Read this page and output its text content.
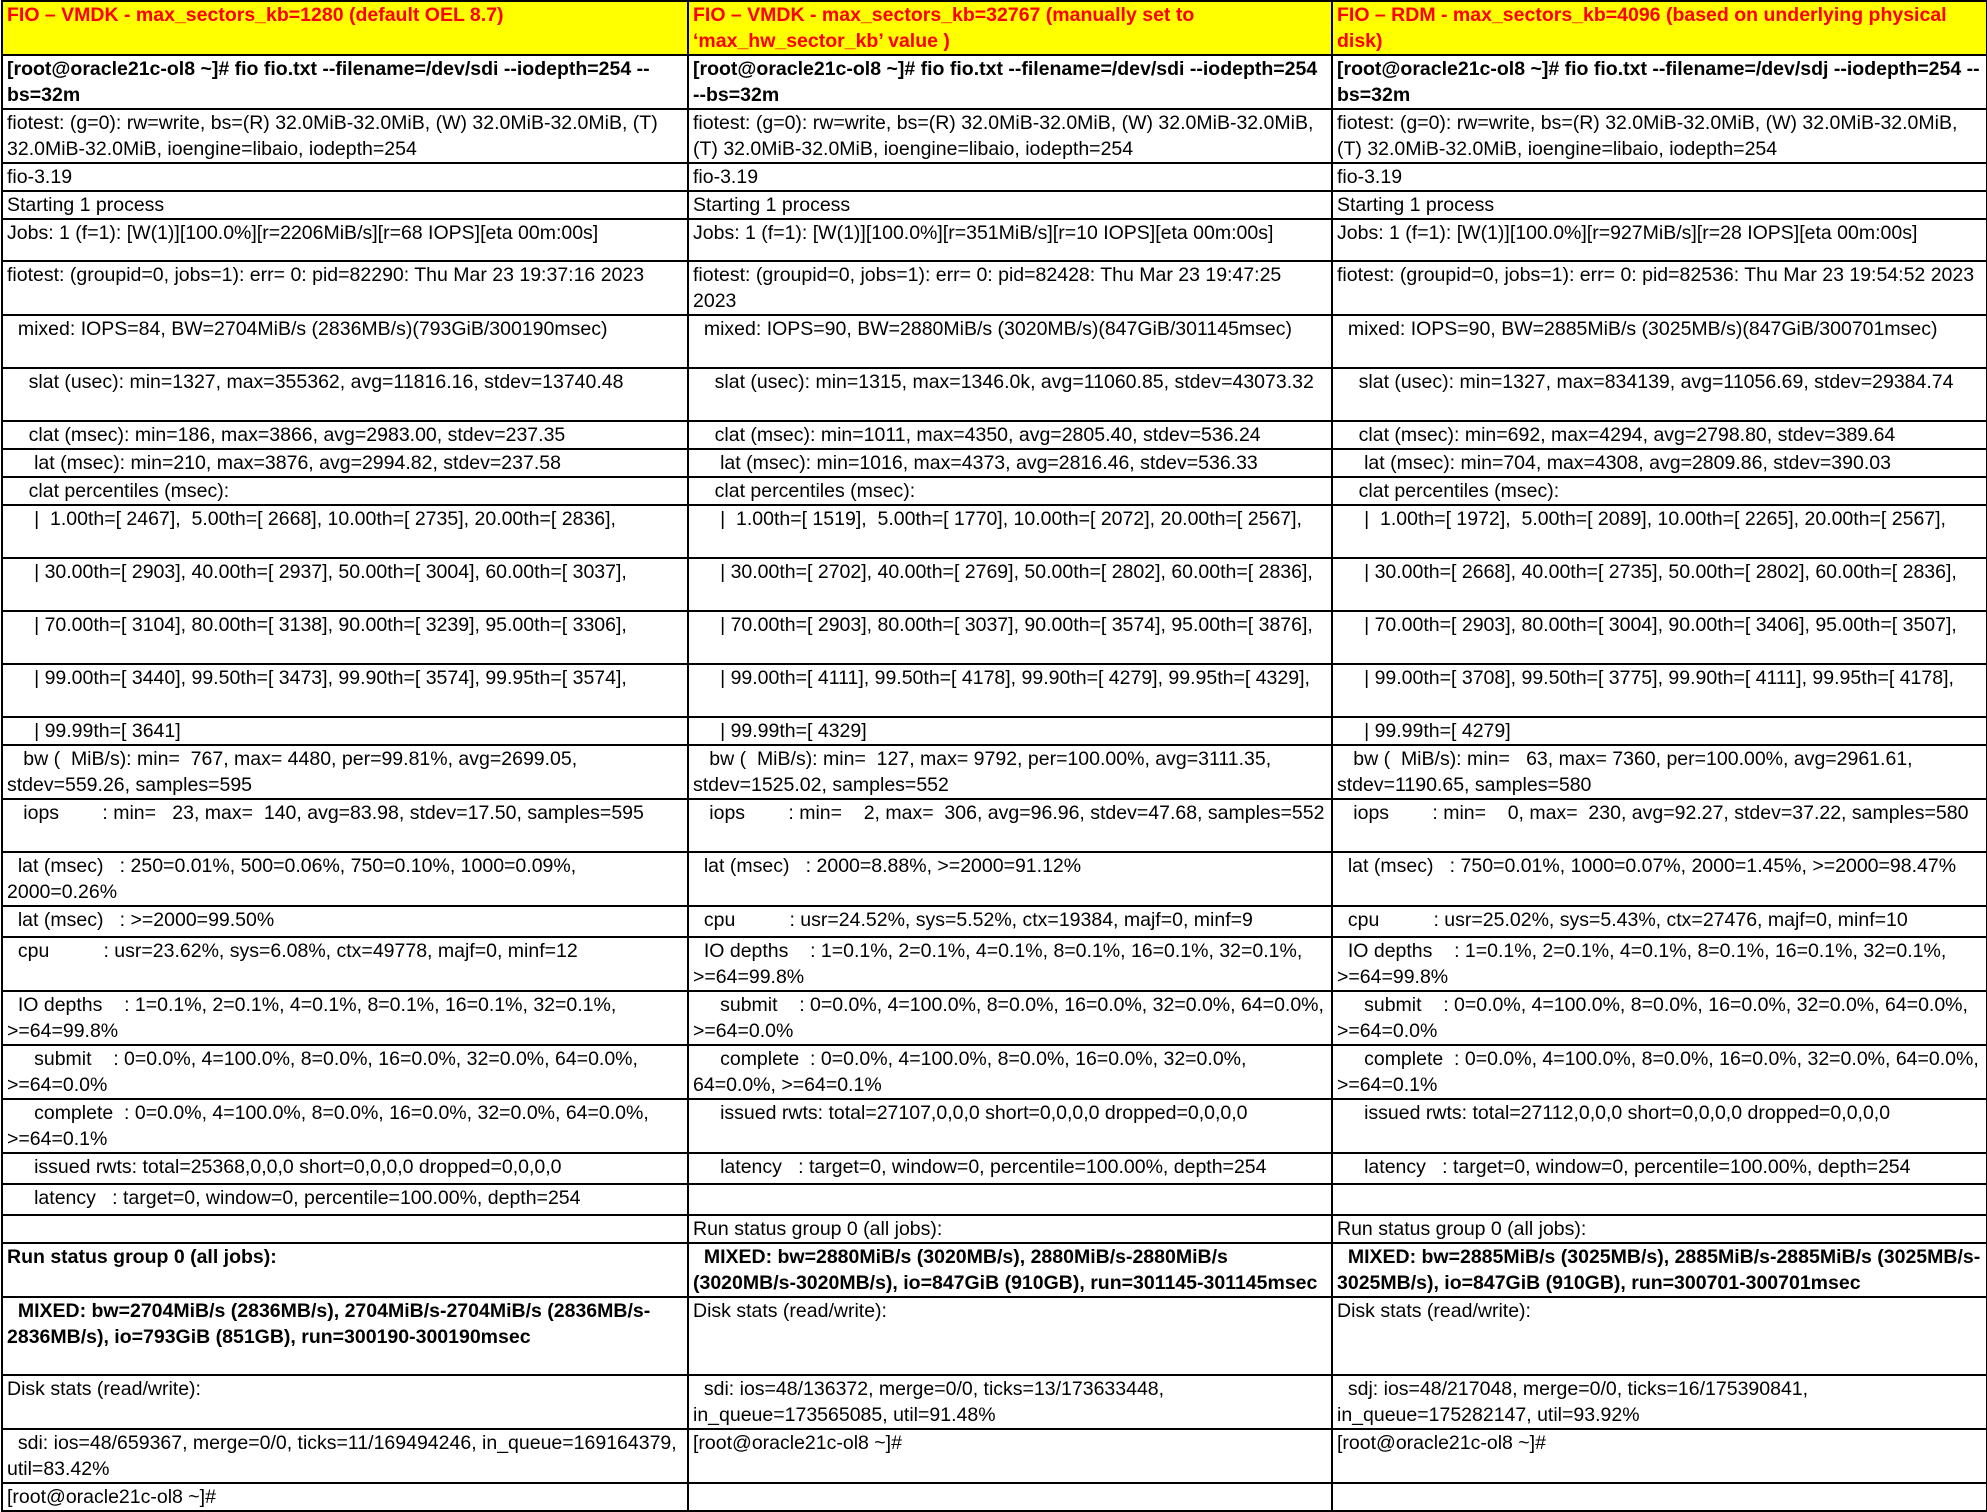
FIO – VMDK - max_sectors_kb=1280 (default OEL 8.7)	FIO – VMDK - max_sectors_kb=32767 (manually set to ‘max_hw_sector_kb’ value )	FIO – RDM - max_sectors_kb=4096 (based on underlying physical disk)
[root@oracle21c-ol8 ~]# fio fio.txt --filename=/dev/sdi --iodepth=254 --bs=32m	[root@oracle21c-ol8 ~]# fio fio.txt --filename=/dev/sdi --iodepth=254 --bs=32m	[root@oracle21c-ol8 ~]# fio fio.txt --filename=/dev/sdj --iodepth=254 --bs=32m
fiotest: (g=0): rw=write, bs=(R) 32.0MiB-32.0MiB, (W) 32.0MiB-32.0MiB, (T) 32.0MiB-32.0MiB, ioengine=libaio, iodepth=254	fiotest: (g=0): rw=write, bs=(R) 32.0MiB-32.0MiB, (W) 32.0MiB-32.0MiB, (T) 32.0MiB-32.0MiB, ioengine=libaio, iodepth=254	fiotest: (g=0): rw=write, bs=(R) 32.0MiB-32.0MiB, (W) 32.0MiB-32.0MiB, (T) 32.0MiB-32.0MiB, ioengine=libaio, iodepth=254
fio-3.19	fio-3.19	fio-3.19
Starting 1 process	Starting 1 process	Starting 1 process
Jobs: 1 (f=1): [W(1)][100.0%][r=2206MiB/s][r=68 IOPS][eta 00m:00s]	Jobs: 1 (f=1): [W(1)][100.0%][r=351MiB/s][r=10 IOPS][eta 00m:00s]	Jobs: 1 (f=1): [W(1)][100.0%][r=927MiB/s][r=28 IOPS][eta 00m:00s]
fiotest: (groupid=0, jobs=1): err= 0: pid=82290: Thu Mar 23 19:37:16 2023	fiotest: (groupid=0, jobs=1): err= 0: pid=82428: Thu Mar 23 19:47:25 2023	fiotest: (groupid=0, jobs=1): err= 0: pid=82536: Thu Mar 23 19:54:52 2023
mixed: IOPS=84, BW=2704MiB/s (2836MB/s)(793GiB/300190msec)	mixed: IOPS=90, BW=2880MiB/s (3020MB/s)(847GiB/301145msec)	mixed: IOPS=90, BW=2885MiB/s (3025MB/s)(847GiB/300701msec)
slat (usec): min=1327, max=355362, avg=11816.16, stdev=13740.48	slat (usec): min=1315, max=1346.0k, avg=11060.85, stdev=43073.32	slat (usec): min=1327, max=834139, avg=11056.69, stdev=29384.74
clat (msec): min=186, max=3866, avg=2983.00, stdev=237.35	clat (msec): min=1011, max=4350, avg=2805.40, stdev=536.24	clat (msec): min=692, max=4294, avg=2798.80, stdev=389.64
lat (msec): min=210, max=3876, avg=2994.82, stdev=237.58	lat (msec): min=1016, max=4373, avg=2816.46, stdev=536.33	lat (msec): min=704, max=4308, avg=2809.86, stdev=390.03
clat percentiles (msec):	clat percentiles (msec):	clat percentiles (msec):
|  1.00th=[ 2467],  5.00th=[ 2668], 10.00th=[ 2735], 20.00th=[ 2836],	|  1.00th=[ 1519],  5.00th=[ 1770], 10.00th=[ 2072], 20.00th=[ 2567],	|  1.00th=[ 1972],  5.00th=[ 2089], 10.00th=[ 2265], 20.00th=[ 2567],
| 30.00th=[ 2903], 40.00th=[ 2937], 50.00th=[ 3004], 60.00th=[ 3037],	| 30.00th=[ 2702], 40.00th=[ 2769], 50.00th=[ 2802], 60.00th=[ 2836],	| 30.00th=[ 2668], 40.00th=[ 2735], 50.00th=[ 2802], 60.00th=[ 2836],
| 70.00th=[ 3104], 80.00th=[ 3138], 90.00th=[ 3239], 95.00th=[ 3306],	| 70.00th=[ 2903], 80.00th=[ 3037], 90.00th=[ 3574], 95.00th=[ 3876],	| 70.00th=[ 2903], 80.00th=[ 3004], 90.00th=[ 3406], 95.00th=[ 3507],
| 99.00th=[ 3440], 99.50th=[ 3473], 99.90th=[ 3574], 99.95th=[ 3574],	| 99.00th=[ 4111], 99.50th=[ 4178], 99.90th=[ 4279], 99.95th=[ 4329],	| 99.00th=[ 3708], 99.50th=[ 3775], 99.90th=[ 4111], 99.95th=[ 4178],
| 99.99th=[ 3641]	| 99.99th=[ 4329]	| 99.99th=[ 4279]
bw (  MiB/s): min=  767, max= 4480, per=99.81%, avg=2699.05, stdev=559.26, samples=595	bw (  MiB/s): min=  127, max= 9792, per=100.00%, avg=3111.35, stdev=1525.02, samples=552	bw (  MiB/s): min=   63, max= 7360, per=100.00%, avg=2961.61, stdev=1190.65, samples=580
iops        : min=   23, max=  140, avg=83.98, stdev=17.50, samples=595	iops        : min=    2, max=  306, avg=96.96, stdev=47.68, samples=552	iops        : min=    0, max=  230, avg=92.27, stdev=37.22, samples=580
lat (msec)   : 250=0.01%, 500=0.06%, 750=0.10%, 1000=0.09%, 2000=0.26%	lat (msec)   : 2000=8.88%, >=2000=91.12%	lat (msec)   : 750=0.01%, 1000=0.07%, 2000=1.45%, >=2000=98.47%
lat (msec)   : >=2000=99.50%	cpu          : usr=24.52%, sys=5.52%, ctx=19384, majf=0, minf=9	cpu          : usr=25.02%, sys=5.43%, ctx=27476, majf=0, minf=10
cpu          : usr=23.62%, sys=6.08%, ctx=49778, majf=0, minf=12	IO depths    : 1=0.1%, 2=0.1%, 4=0.1%, 8=0.1%, 16=0.1%, 32=0.1%, >=64=99.8%	IO depths    : 1=0.1%, 2=0.1%, 4=0.1%, 8=0.1%, 16=0.1%, 32=0.1%, >=64=99.8%
IO depths    : 1=0.1%, 2=0.1%, 4=0.1%, 8=0.1%, 16=0.1%, 32=0.1%, >=64=99.8%	submit    : 0=0.0%, 4=100.0%, 8=0.0%, 16=0.0%, 32=0.0%, 64=0.0%, >=64=0.0%	submit    : 0=0.0%, 4=100.0%, 8=0.0%, 16=0.0%, 32=0.0%, 64=0.0%, >=64=0.0%
submit    : 0=0.0%, 4=100.0%, 8=0.0%, 16=0.0%, 32=0.0%, 64=0.0%, >=64=0.0%	complete  : 0=0.0%, 4=100.0%, 8=0.0%, 16=0.0%, 32=0.0%, 64=0.0%, >=64=0.1%	complete  : 0=0.0%, 4=100.0%, 8=0.0%, 16=0.0%, 32=0.0%, 64=0.0%, >=64=0.1%
complete  : 0=0.0%, 4=100.0%, 8=0.0%, 16=0.0%, 32=0.0%, 64=0.0%, >=64=0.1%	issued rwts: total=27107,0,0,0 short=0,0,0,0 dropped=0,0,0,0	issued rwts: total=27112,0,0,0 short=0,0,0,0 dropped=0,0,0,0
issued rwts: total=25368,0,0,0 short=0,0,0,0 dropped=0,0,0,0	latency   : target=0, window=0, percentile=100.00%, depth=254	latency   : target=0, window=0, percentile=100.00%, depth=254
latency   : target=0, window=0, percentile=100.00%, depth=254		
	Run status group 0 (all jobs):	Run status group 0 (all jobs):
Run status group 0 (all jobs):	MIXED: bw=2880MiB/s (3020MB/s), 2880MiB/s-2880MiB/s (3020MB/s-3020MB/s), io=847GiB (910GB), run=301145-301145msec	MIXED: bw=2885MiB/s (3025MB/s), 2885MiB/s-2885MiB/s (3025MB/s-3025MB/s), io=847GiB (910GB), run=300701-300701msec
MIXED: bw=2704MiB/s (2836MB/s), 2704MiB/s-2704MiB/s (2836MB/s-2836MB/s), io=793GiB (851GB), run=300190-300190msec	Disk stats (read/write):	Disk stats (read/write):
Disk stats (read/write):	sdi: ios=48/136372, merge=0/0, ticks=13/173633448, in_queue=173565085, util=91.48%	sdj: ios=48/217048, merge=0/0, ticks=16/175390841, in_queue=175282147, util=93.92%
sdi: ios=48/659367, merge=0/0, ticks=11/169494246, in_queue=169164379, util=83.42%	[root@oracle21c-ol8 ~]#	[root@oracle21c-ol8 ~]#
[root@oracle21c-ol8 ~]#		
